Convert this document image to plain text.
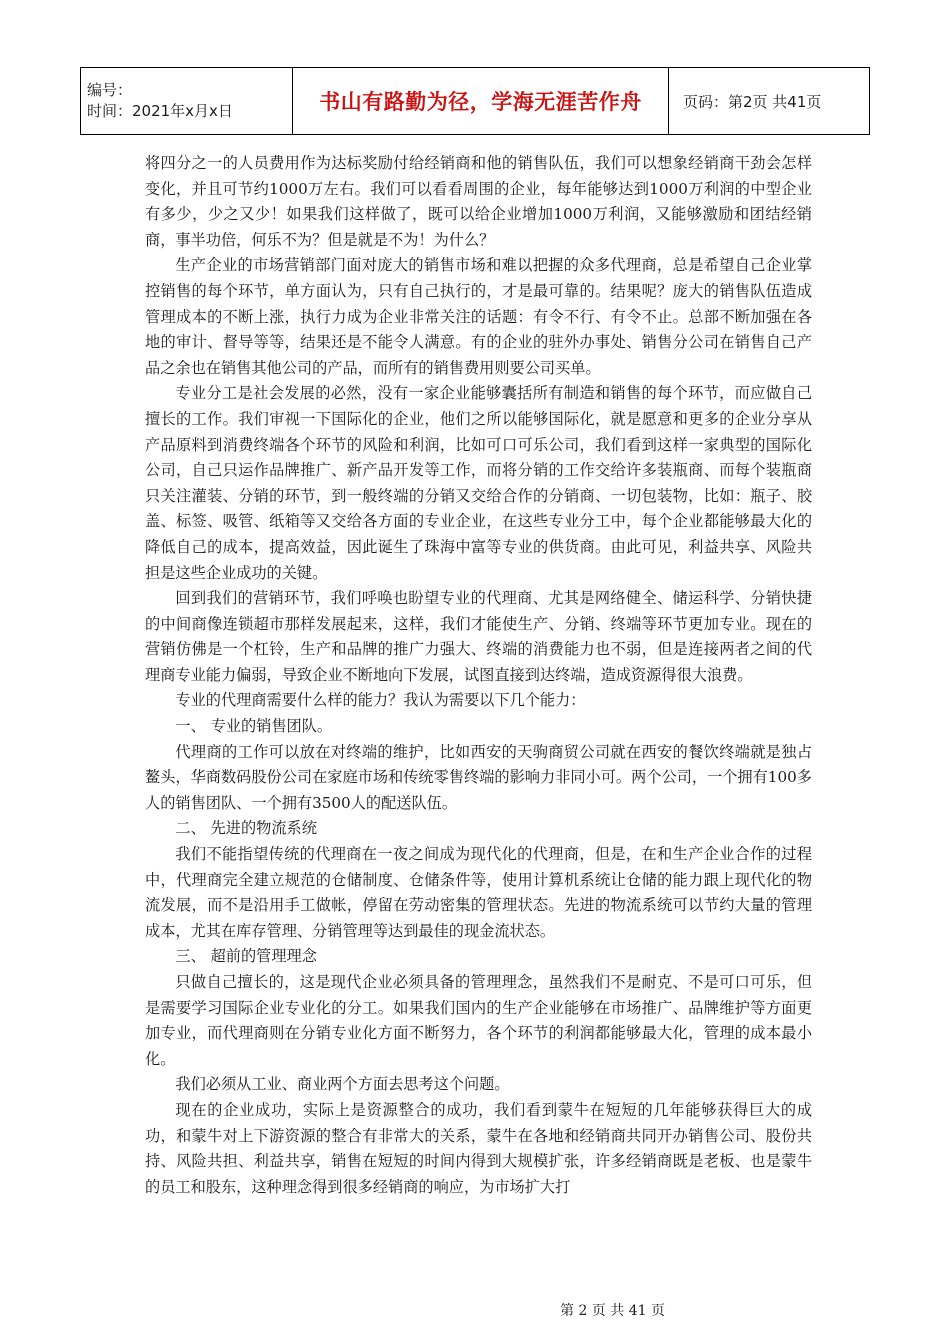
编号：
时间：2021年x月x日	书山有路勤为径，学海无涯苦作舟	页码：第2页 共41页

将四分之一的人员费用作为达标奖励付给经销商和他的销售队伍，我们可以想象经销商干劲会怎样变化，并且可节约1000万左右。我们可以看看周围的企业，每年能够达到1000万利润的中型企业有多少，少之又少！如果我们这样做了，既可以给企业增加1000万利润，又能够激励和团结经销商，事半功倍，何乐不为？但是就是不为！为什么？

生产企业的市场营销部门面对庞大的销售市场和难以把握的众多代理商，总是希望自己企业掌控销售的每个环节，单方面认为，只有自己执行的，才是最可靠的。结果呢？庞大的销售队伍造成管理成本的不断上涨，执行力成为企业非常关注的话题：有令不行、有令不止。总部不断加强在各地的审计、督导等等，结果还是不能令人满意。有的企业的驻外办事处、销售分公司在销售自己产品之余也在销售其他公司的产品，而所有的销售费用则要公司买单。

专业分工是社会发展的必然，没有一家企业能够囊括所有制造和销售的每个环节，而应做自己擅长的工作。我们审视一下国际化的企业，他们之所以能够国际化，就是愿意和更多的企业分享从产品原料到消费终端各个环节的风险和利润，比如可口可乐公司，我们看到这样一家典型的国际化公司，自己只运作品牌推广、新产品开发等工作，而将分销的工作交给许多装瓶商、而每个装瓶商只关注灌装、分销的环节，到一般终端的分销又交给合作的分销商、一切包装物，比如：瓶子、胶盖、标签、吸管、纸箱等又交给各方面的专业企业，在这些专业分工中，每个企业都能够最大化的降低自己的成本，提高效益，因此诞生了珠海中富等专业的供货商。由此可见，利益共享、风险共担是这些企业成功的关键。

回到我们的营销环节，我们呼唤也盼望专业的代理商、尤其是网络健全、储运科学、分销快捷的中间商像连锁超市那样发展起来，这样，我们才能使生产、分销、终端等环节更加专业。现在的营销仿佛是一个杠铃，生产和品牌的推广力强大、终端的消费能力也不弱，但是连接两者之间的代理商专业能力偏弱，导致企业不断地向下发展，试图直接到达终端，造成资源得很大浪费。

专业的代理商需要什么样的能力？我认为需要以下几个能力：

一、 专业的销售团队。

代理商的工作可以放在对终端的维护，比如西安的天驹商贸公司就在西安的餐饮终端就是独占鳌头，华商数码股份公司在家庭市场和传统零售终端的影响力非同小可。两个公司，一个拥有100多人的销售团队、一个拥有3500人的配送队伍。

二、 先进的物流系统

我们不能指望传统的代理商在一夜之间成为现代化的代理商，但是，在和生产企业合作的过程中，代理商完全建立规范的仓储制度、仓储条件等，使用计算机系统让仓储的能力跟上现代化的物流发展，而不是沿用手工做帐，停留在劳动密集的管理状态。先进的物流系统可以节约大量的管理成本，尤其在库存管理、分销管理等达到最佳的现金流状态。

三、 超前的管理理念

只做自己擅长的，这是现代企业必须具备的管理理念，虽然我们不是耐克、不是可口可乐，但是需要学习国际企业专业化的分工。如果我们国内的生产企业能够在市场推广、品牌维护等方面更加专业，而代理商则在分销专业化方面不断努力，各个环节的利润都能够最大化，管理的成本最小化。

我们必须从工业、商业两个方面去思考这个问题。

现在的企业成功，实际上是资源整合的成功，我们看到蒙牛在短短的几年能够获得巨大的成功，和蒙牛对上下游资源的整合有非常大的关系，蒙牛在各地和经销商共同开办销售公司、股份共持、风险共担、利益共享，销售在短短的时间内得到大规模扩张，许多经销商既是老板、也是蒙牛的员工和股东，这种理念得到很多经销商的响应，为市场扩大打

第 2 页 共 41 页
